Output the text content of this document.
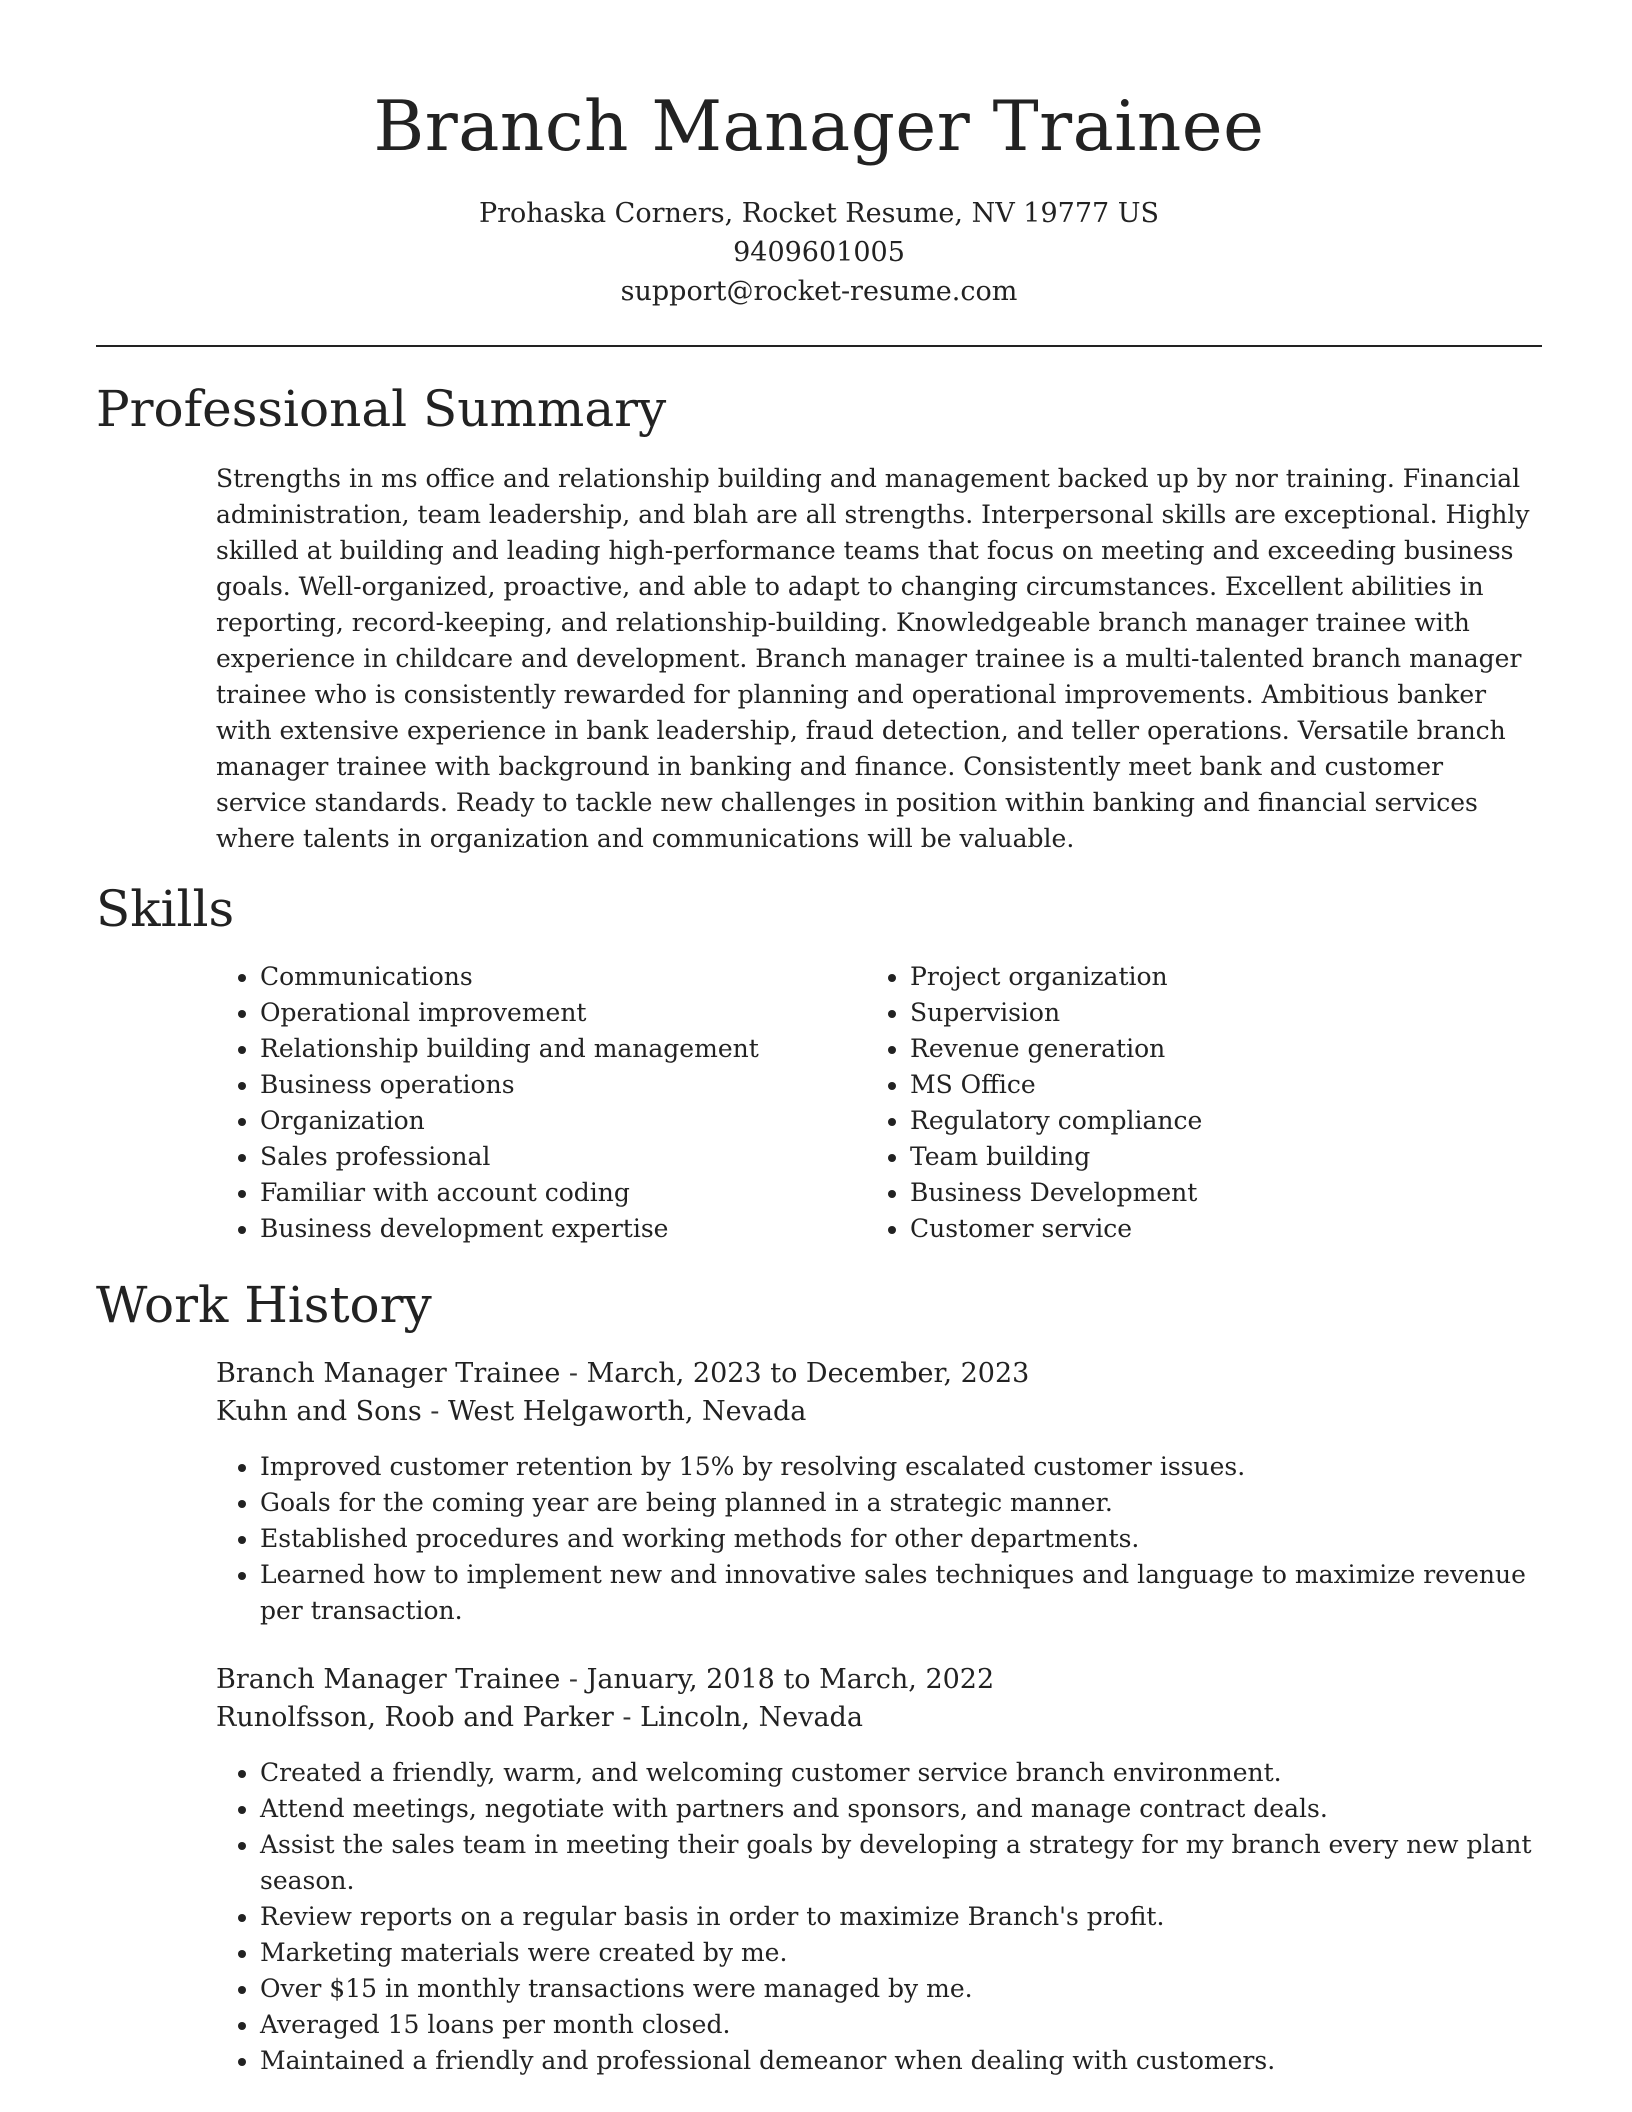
Branch Manager Trainee

Prohaska Corners, Rocket Resume, NV 19777 US

9409601005

support@rocket-resume.com

Professional Summary

Strengths in ms office and relationship building and management backed up by nor training. Financial administration, team leadership, and blah are all strengths. Interpersonal skills are exceptional. Highly skilled at building and leading high-performance teams that focus on meeting and exceeding business goals. Well-organized, proactive, and able to adapt to changing circumstances. Excellent abilities in reporting, record-keeping, and relationship-building. Knowledgeable branch manager trainee with experience in childcare and development. Branch manager trainee is a multi-talented branch manager trainee who is consistently rewarded for planning and operational improvements. Ambitious banker with extensive experience in bank leadership, fraud detection, and teller operations. Versatile branch manager trainee with background in banking and finance. Consistently meet bank and customer service standards. Ready to tackle new challenges in position within banking and financial services where talents in organization and communications will be valuable.

Skills
• Communications
• Operational improvement
• Relationship building and management
• Business operations
• Organization
• Sales professional
• Familiar with account coding
• Business development expertise
• Project organization
• Supervision
• Revenue generation
• MS Office
• Regulatory compliance
• Team building
• Business Development
• Customer service
Work History
Branch Manager Trainee - March, 2023 to December, 2023
Kuhn and Sons - West Helgaworth, Nevada
• Improved customer retention by 15% by resolving escalated customer issues.
• Goals for the coming year are being planned in a strategic manner.
• Established procedures and working methods for other departments.
• Learned how to implement new and innovative sales techniques and language to maximize revenue per transaction.
Branch Manager Trainee - January, 2018 to March, 2022
Runolfsson, Roob and Parker - Lincoln, Nevada
• Created a friendly, warm, and welcoming customer service branch environment.
• Attend meetings, negotiate with partners and sponsors, and manage contract deals.
• Assist the sales team in meeting their goals by developing a strategy for my branch every new plant season.
• Review reports on a regular basis in order to maximize Branch's profit.
• Marketing materials were created by me.
• Over $15 in monthly transactions were managed by me.
• Averaged 15 loans per month closed.
• Maintained a friendly and professional demeanor when dealing with customers.
